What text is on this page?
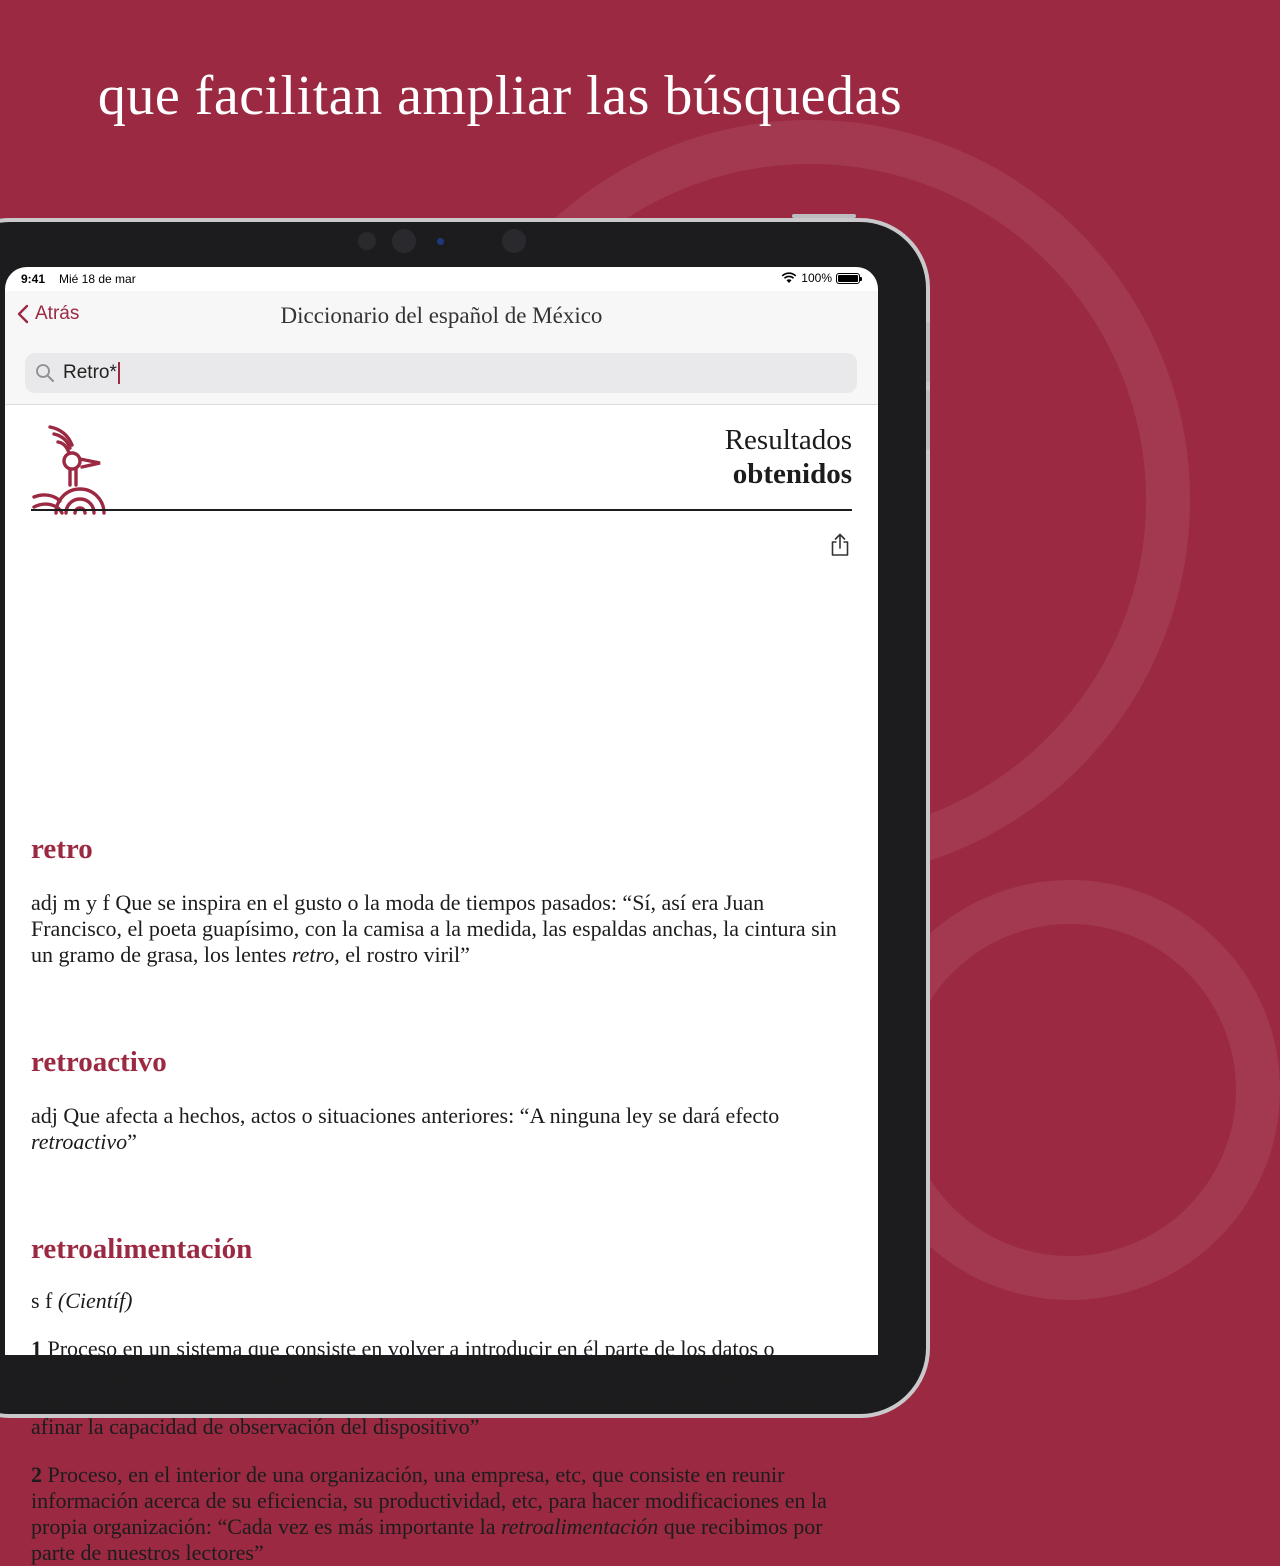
que facilitan ampliar las búsquedas
9:41 Mié 18 de mar	100%
Atrás	Diccionario del español de México
Retro*
Resultados
obtenidos
retro
adj m y f Que se inspira en el gusto o la moda de tiempos pasados: “Sí, así era Juan Francisco, el poeta guapísimo, con la camisa a la medida, las espaldas anchas, la cintura sin un gramo de grasa, los lentes retro, el rostro viril”
retroactivo
adj Que afecta a hechos, actos o situaciones anteriores: “A ninguna ley se dará efecto retroactivo”
retroalimentación
s f (Científ)
1 Proceso en un sistema que consiste en volver a introducir en él parte de los datos o señales que produjo, para que sirvan como elementos del control y el mismo sistema se corrija: “De esa forma la retroalimentación recibida de las señales observadas ha permitido afinar la capacidad de observación del dispositivo”
2 Proceso, en el interior de una organización, una empresa, etc, que consiste en reunir información acerca de su eficiencia, su productividad, etc, para hacer modificaciones en la propia organización: “Cada vez es más importante la retroalimentación que recibimos por parte de nuestros lectores”
